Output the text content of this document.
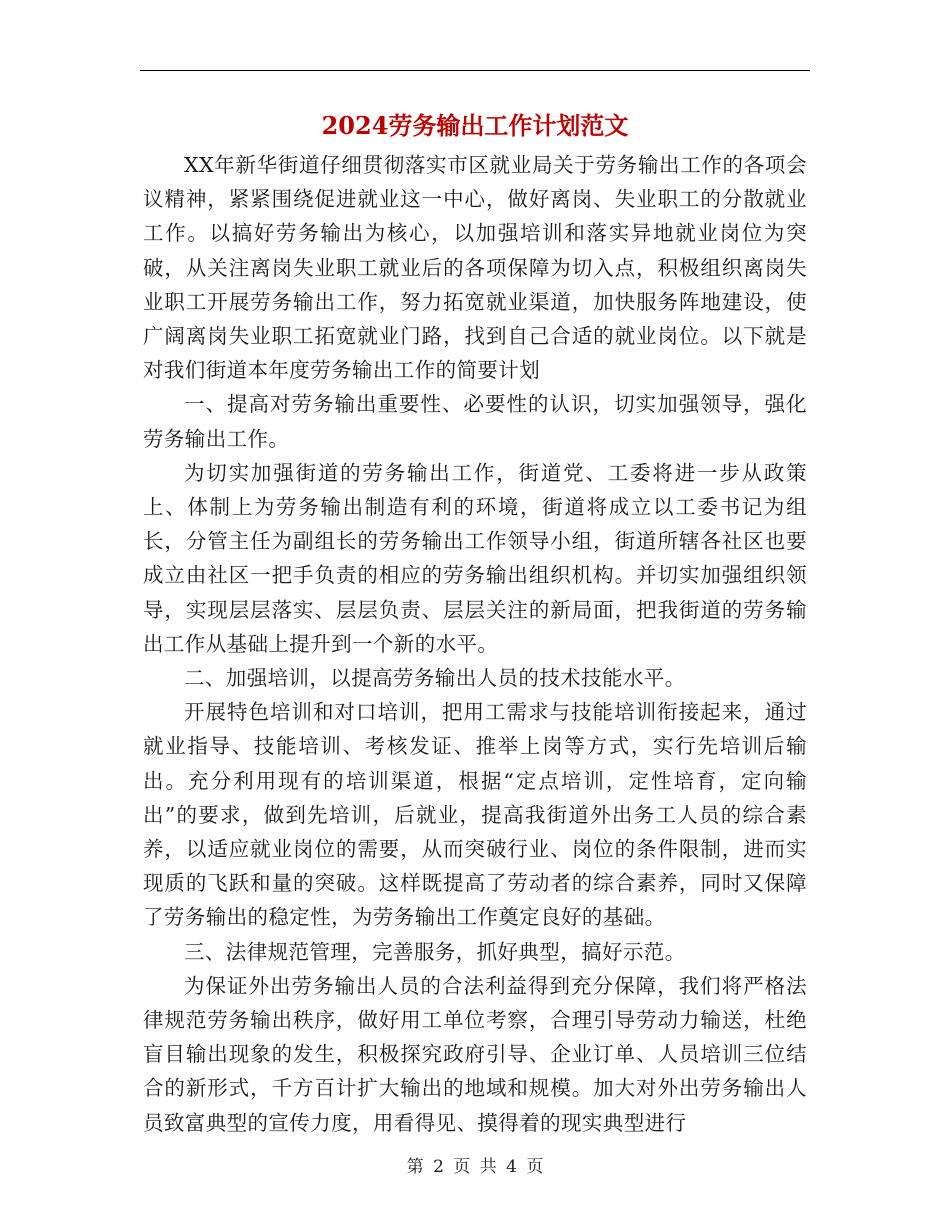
2024劳务输出工作计划范文

XX年新华街道仔细贯彻落实市区就业局关于劳务输出工作的各项会议精神，紧紧围绕促进就业这一中心，做好离岗、失业职工的分散就业工作。以搞好劳务输出为核心，以加强培训和落实异地就业岗位为突破，从关注离岗失业职工就业后的各项保障为切入点，积极组织离岗失业职工开展劳务输出工作，努力拓宽就业渠道，加快服务阵地建设，使广阔离岗失业职工拓宽就业门路，找到自己合适的就业岗位。以下就是对我们街道本年度劳务输出工作的简要计划

一、提高对劳务输出重要性、必要性的认识，切实加强领导，强化劳务输出工作。

为切实加强街道的劳务输出工作，街道党、工委将进一步从政策上、体制上为劳务输出制造有利的环境，街道将成立以工委书记为组长，分管主任为副组长的劳务输出工作领导小组，街道所辖各社区也要成立由社区一把手负责的相应的劳务输出组织机构。并切实加强组织领导，实现层层落实、层层负责、层层关注的新局面，把我街道的劳务输出工作从基础上提升到一个新的水平。

二、加强培训，以提高劳务输出人员的技术技能水平。

开展特色培训和对口培训，把用工需求与技能培训衔接起来，通过就业指导、技能培训、考核发证、推举上岗等方式，实行先培训后输出。充分利用现有的培训渠道，根据“定点培训，定性培育，定向输出”的要求，做到先培训，后就业，提高我街道外出务工人员的综合素养，以适应就业岗位的需要，从而突破行业、岗位的条件限制，进而实现质的飞跃和量的突破。这样既提高了劳动者的综合素养，同时又保障了劳务输出的稳定性，为劳务输出工作奠定良好的基础。

三、法律规范管理，完善服务，抓好典型，搞好示范。

为保证外出劳务输出人员的合法利益得到充分保障，我们将严格法律规范劳务输出秩序，做好用工单位考察，合理引导劳动力输送，杜绝盲目输出现象的发生，积极探究政府引导、企业订单、人员培训三位结合的新形式，千方百计扩大输出的地域和规模。加大对外出劳务输出人员致富典型的宣传力度，用看得见、摸得着的现实典型进行

第 2 页 共 4 页
